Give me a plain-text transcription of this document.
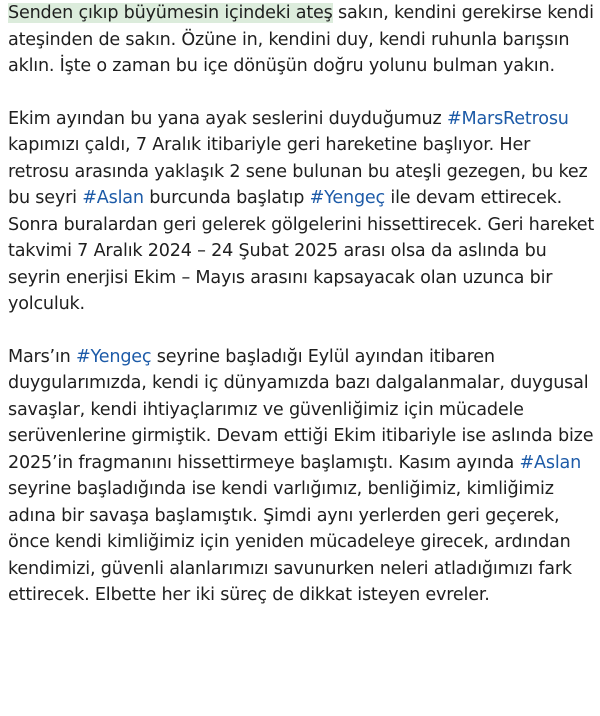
Senden çıkıp büyümesin içindeki ateş sakın, kendini gerekirse kendi ateşinden de sakın. Özüne in, kendini duy, kendi ruhunla barışsın aklın. İşte o zaman bu içe dönüşün doğru yolunu bulman yakın.

Ekim ayından bu yana ayak seslerini duyduğumuz #MarsRetrosu kapımızı çaldı, 7 Aralık itibariyle geri hareketine başlıyor. Her retrosu arasında yaklaşık 2 sene bulunan bu ateşli gezegen, bu kez bu seyri #Aslan burcunda başlatıp #Yengeç ile devam ettirecek. Sonra buralardan geri gelerek gölgelerini hissettirecek. Geri hareket takvimi 7 Aralık 2024 – 24 Şubat 2025 arası olsa da aslında bu seyrin enerjisi Ekim – Mayıs arasını kapsayacak olan uzunca bir yolculuk.

Mars’ın #Yengeç seyrine başladığı Eylül ayından itibaren duygularımızda, kendi iç dünyamızda bazı dalgalanmalar, duygusal savaşlar, kendi ihtiyaçlarımız ve güvenliğimiz için mücadele serüvenlerine girmiştik. Devam ettiği Ekim itibariyle ise aslında bize 2025’in fragmanını hissettirmeye başlamıştı. Kasım ayında #Aslan seyrine başladığında ise kendi varlığımız, benliğimiz, kimliğimiz adına bir savaşa başlamıştık. Şimdi aynı yerlerden geri geçerek, önce kendi kimliğimiz için yeniden mücadeleye girecek, ardından kendimizi, güvenli alanlarımızı savunurken neleri atladığımızı fark ettirecek. Elbette her iki süreç de dikkat isteyen evreler.
